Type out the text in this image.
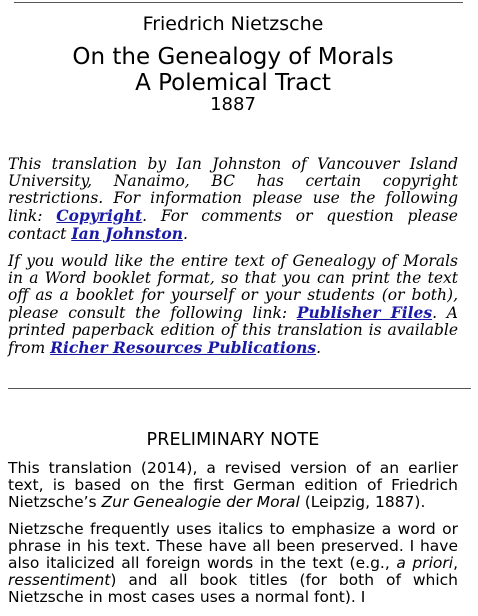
Friedrich Nietzsche
On the Genealogy of Morals
A Polemical Tract
1887

This translation by Ian Johnston of Vancouver Island University, Nanaimo, BC has certain copyright restrictions. For information please use the following link: Copyright. For comments or question please contact Ian Johnston.

If you would like the entire text of Genealogy of Morals in a Word booklet format, so that you can print the text off as a booklet for yourself or your students (or both), please consult the following link: Publisher Files. A printed paperback edition of this translation is available from Richer Resources Publications.

PRELIMINARY NOTE

This translation (2014), a revised version of an earlier text, is based on the first German edition of Friedrich Nietzsche’s Zur Genealogie der Moral (Leipzig, 1887).

Nietzsche frequently uses italics to emphasize a word or phrase in his text. These have all been preserved. I have also italicized all foreign words in the text (e.g., a priori, ressentiment) and all book titles (for both of which Nietzsche in most cases uses a normal font). I
